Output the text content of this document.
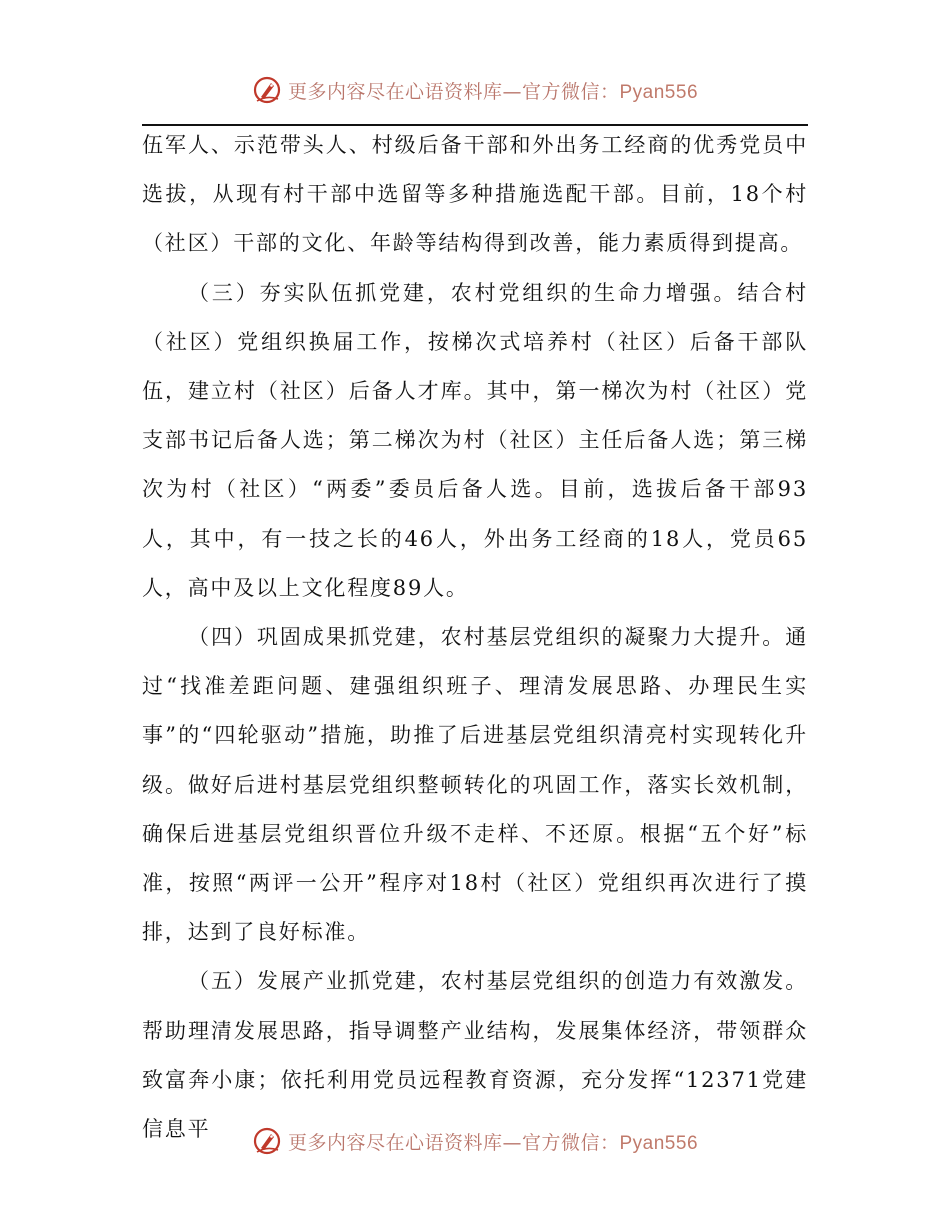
更多内容尽在心语资料库—官方微信：Pyan556

伍军人、示范带头人、村级后备干部和外出务工经商的优秀党员中选拔，从现有村干部中选留等多种措施选配干部。目前，18个村（社区）干部的文化、年龄等结构得到改善，能力素质得到提高。

（三）夯实队伍抓党建，农村党组织的生命力增强。结合村（社区）党组织换届工作，按梯次式培养村（社区）后备干部队伍，建立村（社区）后备人才库。其中，第一梯次为村（社区）党支部书记后备人选；第二梯次为村（社区）主任后备人选；第三梯次为村（社区）“两委”委员后备人选。目前，选拔后备干部93人，其中，有一技之长的46人，外出务工经商的18人，党员65人，高中及以上文化程度89人。

（四）巩固成果抓党建，农村基层党组织的凝聚力大提升。通过“找准差距问题、建强组织班子、理清发展思路、办理民生实事”的“四轮驱动”措施，助推了后进基层党组织清亮村实现转化升级。做好后进村基层党组织整顿转化的巩固工作，落实长效机制，确保后进基层党组织晋位升级不走样、不还原。根据“五个好”标准，按照“两评一公开”程序对18村（社区）党组织再次进行了摸排，达到了良好标准。

（五）发展产业抓党建，农村基层党组织的创造力有效激发。帮助理清发展思路，指导调整产业结构，发展集体经济，带领群众致富奔小康；依托利用党员远程教育资源，充分发挥“12371党建信息平

更多内容尽在心语资料库—官方微信：Pyan556
